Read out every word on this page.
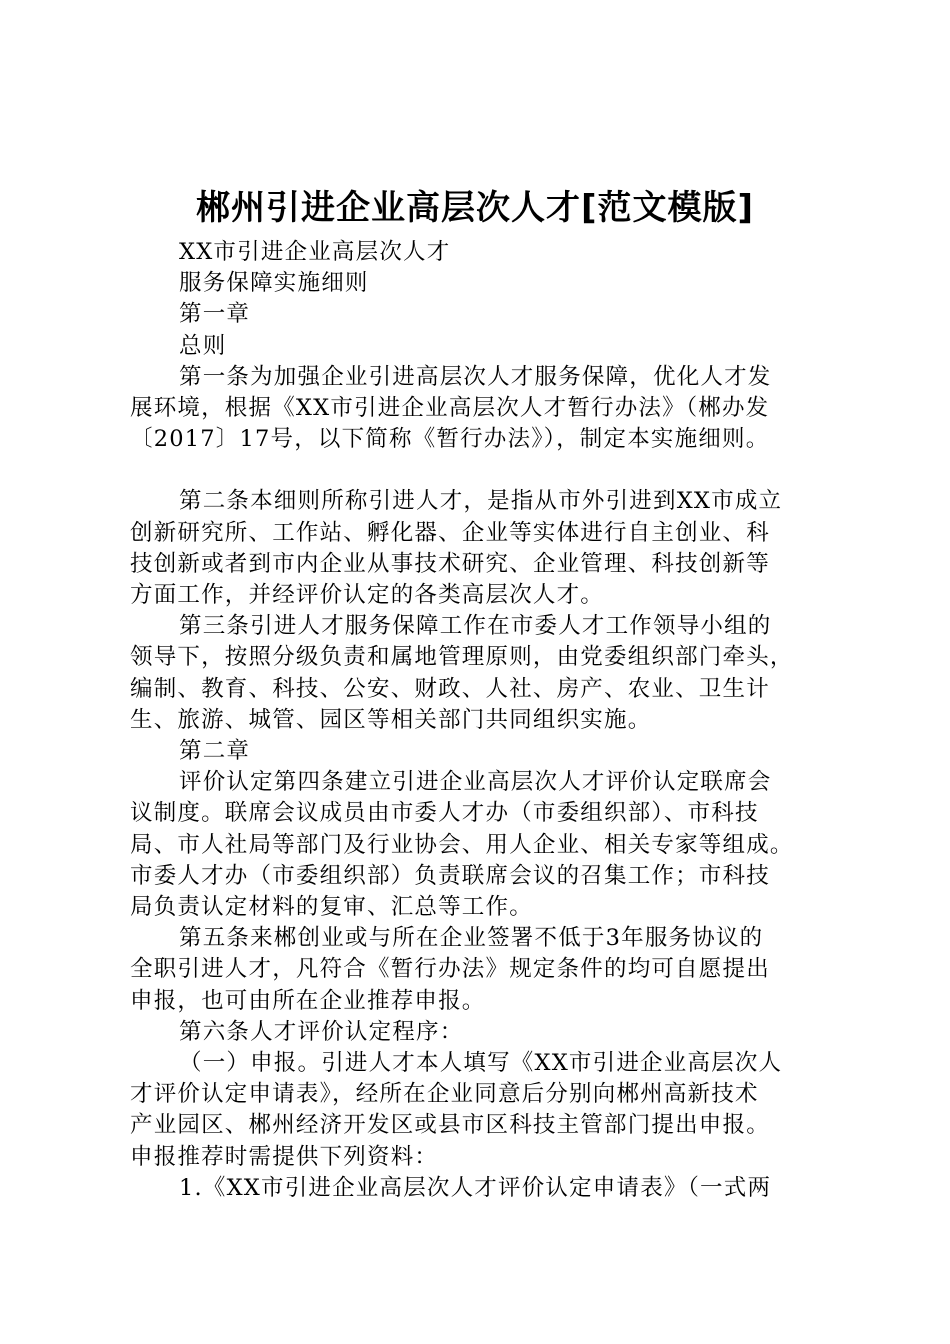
郴州引进企业高层次人才[范文模版]

XX市引进企业高层次人才

服务保障实施细则

第一章

总则

第一条为加强企业引进高层次人才服务保障，优化人才发

展环境，根据《XX市引进企业高层次人才暂行办法》（郴办发

〔2017〕17号，以下简称《暂行办法》），制定本实施细则。

第二条本细则所称引进人才，是指从市外引进到XX市成立

创新研究所、工作站、孵化器、企业等实体进行自主创业、科

技创新或者到市内企业从事技术研究、企业管理、科技创新等

方面工作，并经评价认定的各类高层次人才。

第三条引进人才服务保障工作在市委人才工作领导小组的

领导下，按照分级负责和属地管理原则，由党委组织部门牵头，

编制、教育、科技、公安、财政、人社、房产、农业、卫生计

生、旅游、城管、园区等相关部门共同组织实施。

第二章

评价认定第四条建立引进企业高层次人才评价认定联席会

议制度。联席会议成员由市委人才办（市委组织部）、市科技

局、市人社局等部门及行业协会、用人企业、相关专家等组成。

市委人才办（市委组织部）负责联席会议的召集工作；市科技

局负责认定材料的复审、汇总等工作。

第五条来郴创业或与所在企业签署不低于3年服务协议的

全职引进人才，凡符合《暂行办法》规定条件的均可自愿提出

申报，也可由所在企业推荐申报。

第六条人才评价认定程序：

（一）申报。引进人才本人填写《XX市引进企业高层次人

才评价认定申请表》，经所在企业同意后分别向郴州高新技术

产业园区、郴州经济开发区或县市区科技主管部门提出申报。

申报推荐时需提供下列资料：

1.《XX市引进企业高层次人才评价认定申请表》（一式两
